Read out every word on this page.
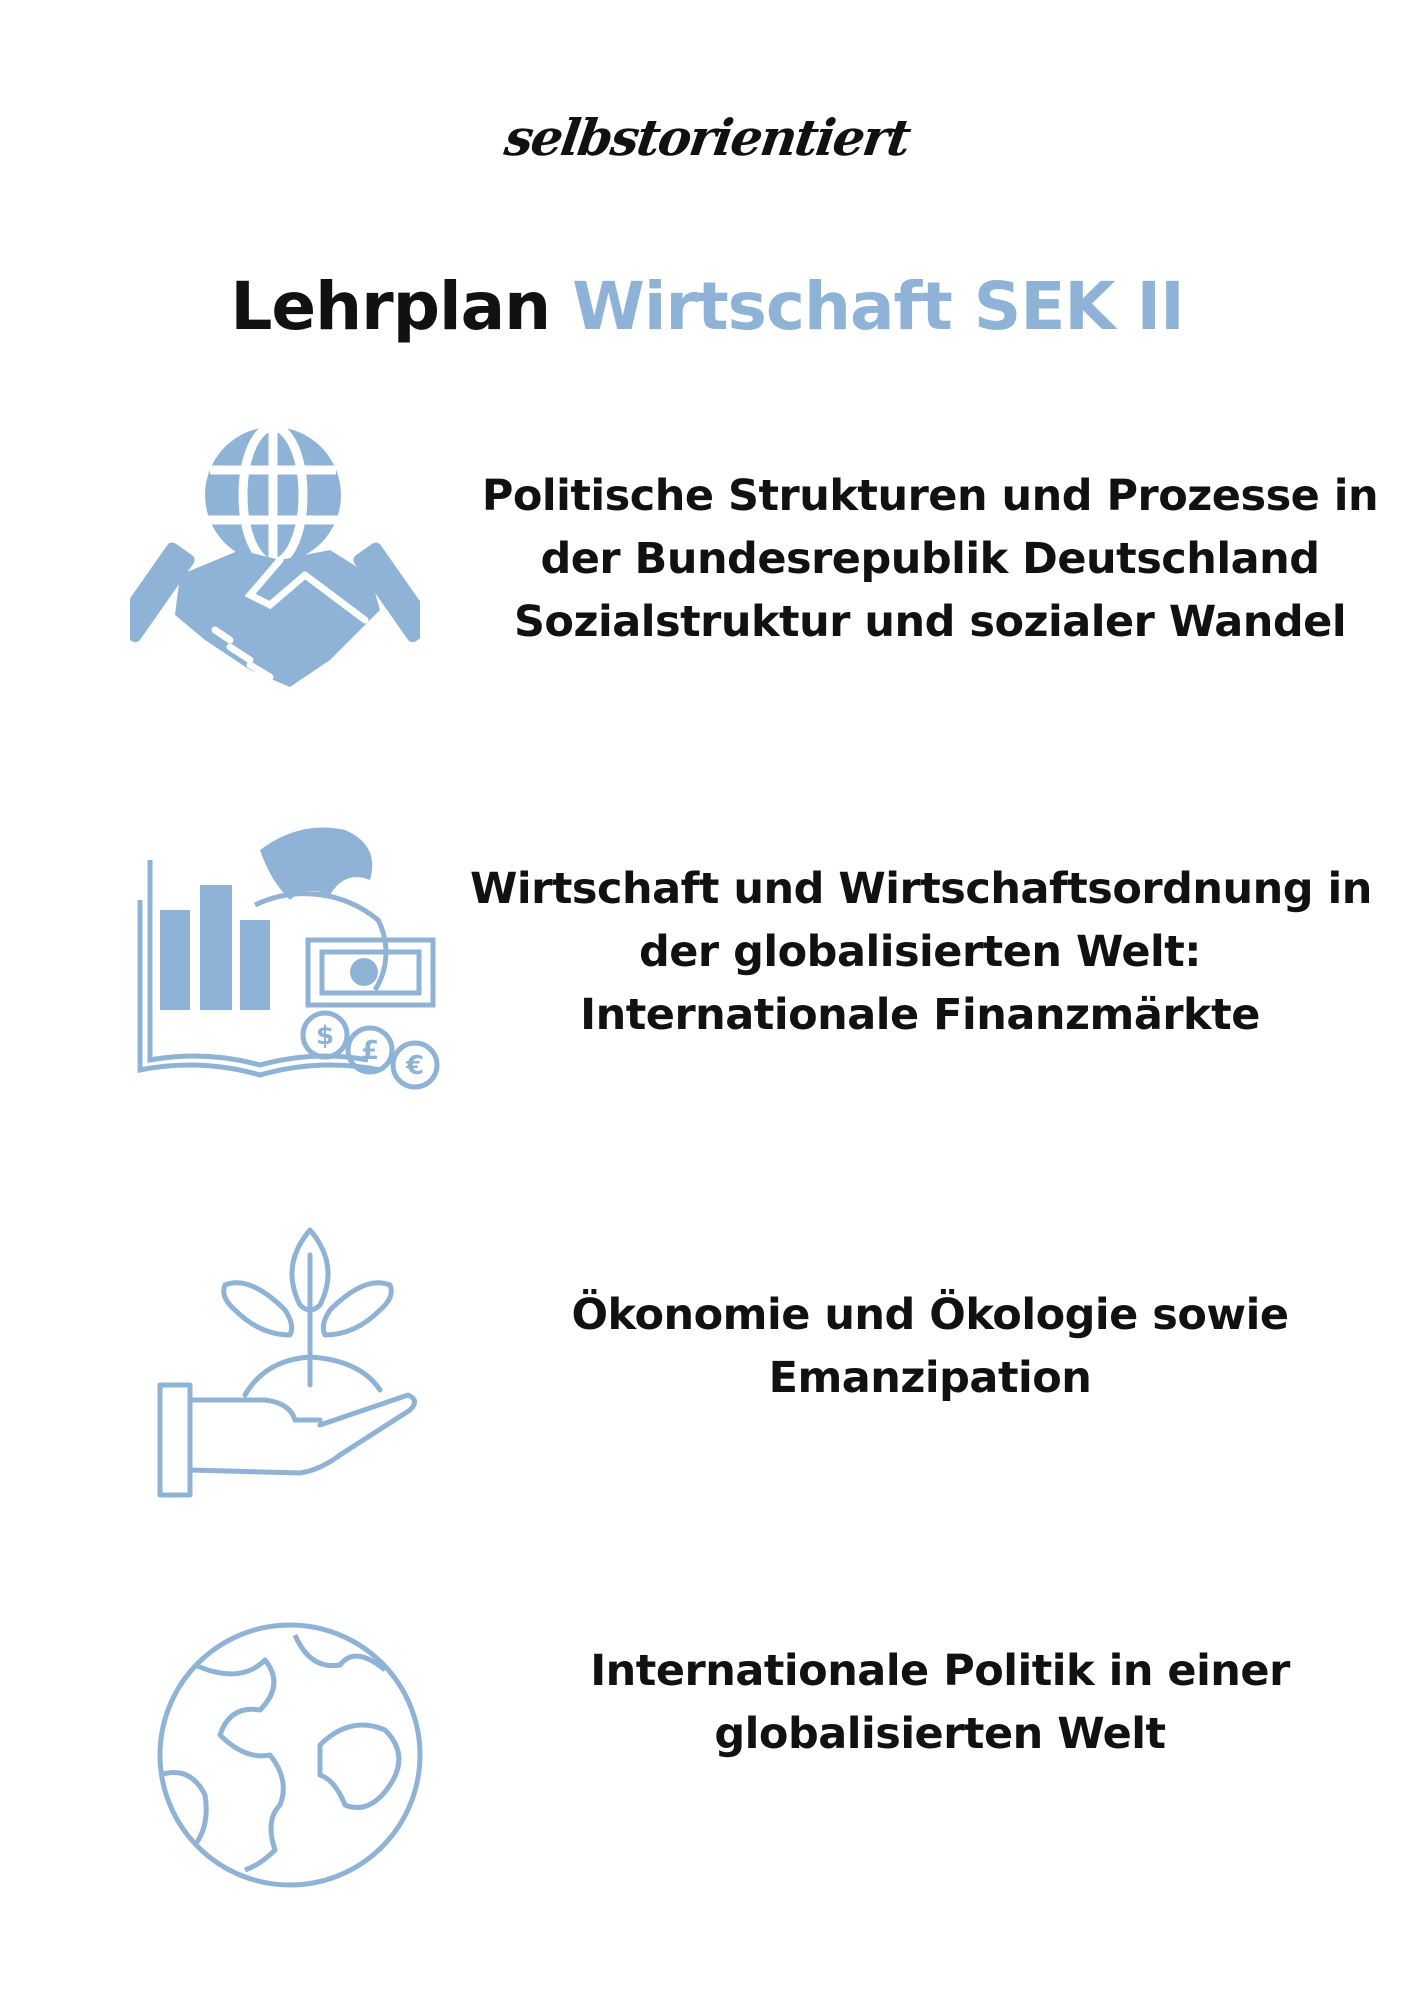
selbstorientiert
Lehrplan Wirtschaft SEK II
Politische Strukturen und Prozesse in
der Bundesrepublik Deutschland
Sozialstruktur und sozialer Wandel
$ £ €
Wirtschaft und Wirtschaftsordnung in
der globalisierten Welt:
Internationale Finanzmärkte
Ökonomie und Ökologie sowie
Emanzipation
Internationale Politik in einer
globalisierten Welt
